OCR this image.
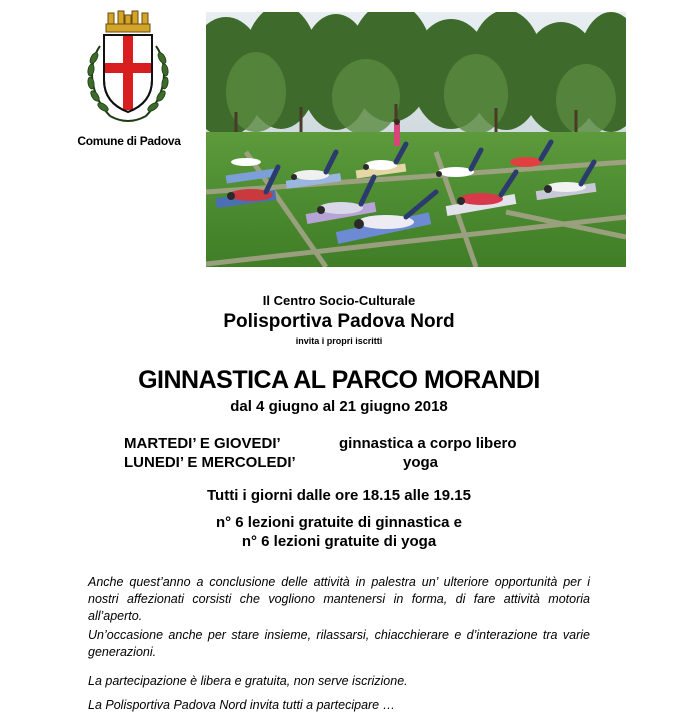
Comune di Padova
Il Centro Socio-Culturale
Polisportiva Padova Nord
invita i propri iscritti
GINNASTICA AL PARCO MORANDI
dal 4 giugno al 21 giugno 2018
MARTEDI’ E GIOVEDI’	ginnastica a corpo libero
LUNEDI’ E MERCOLEDI’	yoga
Tutti i giorni dalle ore 18.15 alle 19.15
n° 6 lezioni gratuite di ginnastica e
n° 6 lezioni gratuite di yoga

Anche quest’anno a conclusione delle attività in palestra un’ ulteriore opportunità per i nostri affezionati corsisti che vogliono mantenersi in forma, di fare attività motoria all’aperto.

Un’occasione anche per stare insieme, rilassarsi, chiacchierare e d’interazione tra varie generazioni.

La partecipazione è libera e gratuita, non serve iscrizione.

La Polisportiva Padova Nord invita tutti a partecipare …
